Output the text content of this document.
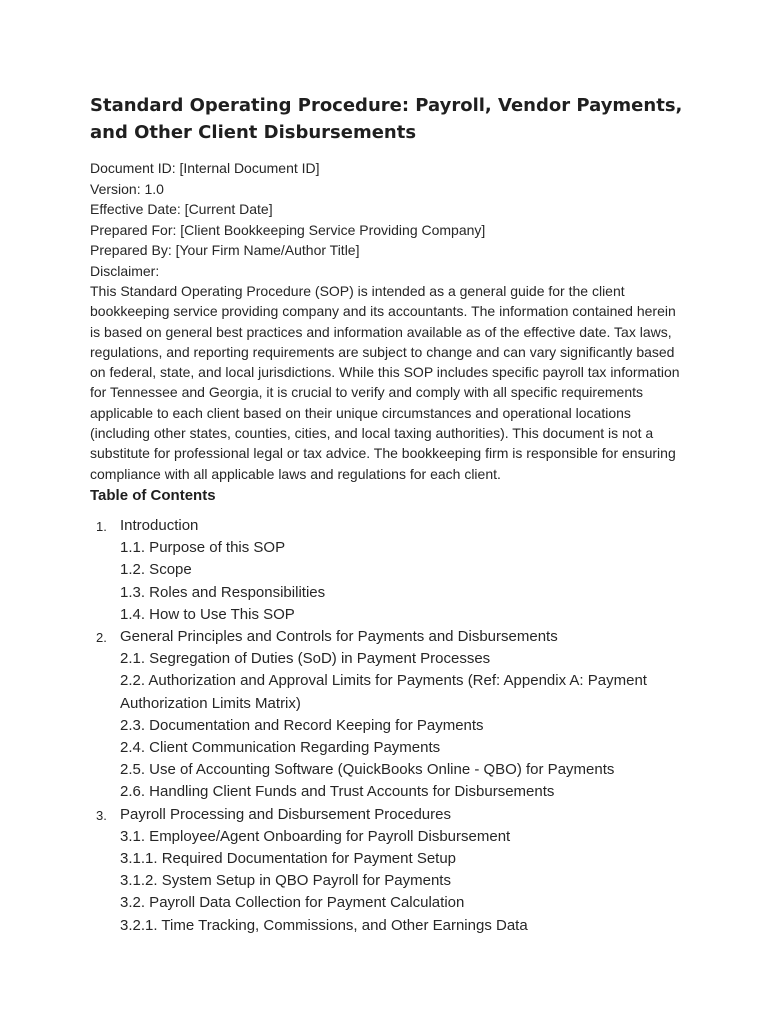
Standard Operating Procedure: Payroll, Vendor Payments, and Other Client Disbursements
Document ID: [Internal Document ID]
Version: 1.0
Effective Date: [Current Date]
Prepared For: [Client Bookkeeping Service Providing Company]
Prepared By: [Your Firm Name/Author Title]
Disclaimer:
This Standard Operating Procedure (SOP) is intended as a general guide for the client bookkeeping service providing company and its accountants. The information contained herein is based on general best practices and information available as of the effective date. Tax laws, regulations, and reporting requirements are subject to change and can vary significantly based on federal, state, and local jurisdictions. While this SOP includes specific payroll tax information for Tennessee and Georgia, it is crucial to verify and comply with all specific requirements applicable to each client based on their unique circumstances and operational locations (including other states, counties, cities, and local taxing authorities). This document is not a substitute for professional legal or tax advice. The bookkeeping firm is responsible for ensuring compliance with all applicable laws and regulations for each client.
Table of Contents
1. Introduction
1.1. Purpose of this SOP
1.2. Scope
1.3. Roles and Responsibilities
1.4. How to Use This SOP
2. General Principles and Controls for Payments and Disbursements
2.1. Segregation of Duties (SoD) in Payment Processes
2.2. Authorization and Approval Limits for Payments (Ref: Appendix A: Payment Authorization Limits Matrix)
2.3. Documentation and Record Keeping for Payments
2.4. Client Communication Regarding Payments
2.5. Use of Accounting Software (QuickBooks Online - QBO) for Payments
2.6. Handling Client Funds and Trust Accounts for Disbursements
3. Payroll Processing and Disbursement Procedures
3.1. Employee/Agent Onboarding for Payroll Disbursement
3.1.1. Required Documentation for Payment Setup
3.1.2. System Setup in QBO Payroll for Payments
3.2. Payroll Data Collection for Payment Calculation
3.2.1. Time Tracking, Commissions, and Other Earnings Data
